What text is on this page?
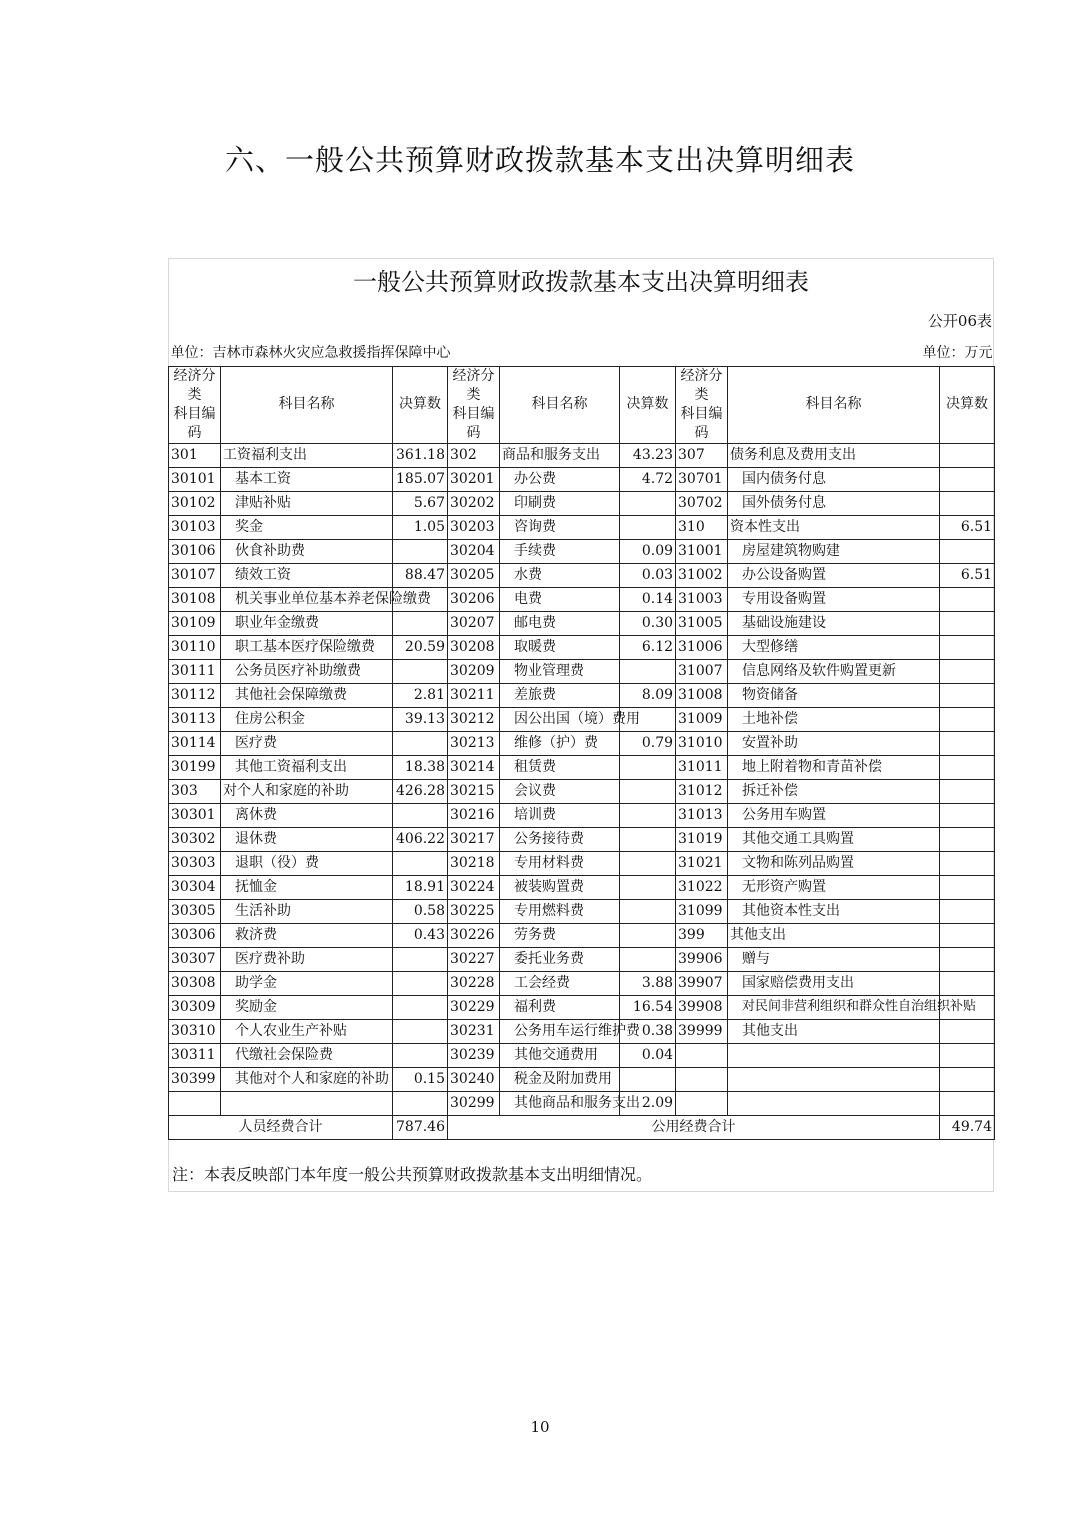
六、一般公共预算财政拨款基本支出决算明细表
一般公共预算财政拨款基本支出决算明细表
公开06表
单位：吉林市森林火灾应急救援指挥保障中心					单位：万元			
经济分类
科目编码	科目名称	决算数	经济分类
科目编码	科目名称	决算数	经济分类
科目编码	科目名称	决算数
301	工资福利支出	361.18	302	商品和服务支出	43.23	307	债务利息及费用支出	
30101	基本工资	185.07	30201	办公费	4.72	30701	国内债务付息	
30102	津贴补贴	5.67	30202	印刷费		30702	国外债务付息	
30103	奖金	1.05	30203	咨询费		310	资本性支出	6.51
30106	伙食补助费		30204	手续费	0.09	31001	房屋建筑物购建	
30107	绩效工资	88.47	30205	水费	0.03	31002	办公设备购置	6.51
30108	机关事业单位基本养老保险缴费		30206	电费	0.14	31003	专用设备购置	
30109	职业年金缴费		30207	邮电费	0.30	31005	基础设施建设	
30110	职工基本医疗保险缴费	20.59	30208	取暖费	6.12	31006	大型修缮	
30111	公务员医疗补助缴费		30209	物业管理费		31007	信息网络及软件购置更新	
30112	其他社会保障缴费	2.81	30211	差旅费	8.09	31008	物资储备	
30113	住房公积金	39.13	30212	因公出国（境）费用		31009	土地补偿	
30114	医疗费		30213	维修（护）费	0.79	31010	安置补助	
30199	其他工资福利支出	18.38	30214	租赁费		31011	地上附着物和青苗补偿	
303	对个人和家庭的补助	426.28	30215	会议费		31012	拆迁补偿	
30301	离休费		30216	培训费		31013	公务用车购置	
30302	退休费	406.22	30217	公务接待费		31019	其他交通工具购置	
30303	退职（役）费		30218	专用材料费		31021	文物和陈列品购置	
30304	抚恤金	18.91	30224	被装购置费		31022	无形资产购置	
30305	生活补助	0.58	30225	专用燃料费		31099	其他资本性支出	
30306	救济费	0.43	30226	劳务费		399	其他支出	
30307	医疗费补助		30227	委托业务费		39906	赠与	
30308	助学金		30228	工会经费	3.88	39907	国家赔偿费用支出	
30309	奖励金		30229	福利费	16.54	39908	对民间非营利组织和群众性自治组织补贴	
30310	个人农业生产补贴		30231	公务用车运行维护费	0.38	39999	其他支出	
30311	代缴社会保险费		30239	其他交通费用	0.04			
30399	其他对个人和家庭的补助	0.15	30240	税金及附加费用				
			30299	其他商品和服务支出	2.09			
人员经费合计		787.46	公用经费合计					49.74
注：本表反映部门本年度一般公共预算财政拨款基本支出明细情况。
10
